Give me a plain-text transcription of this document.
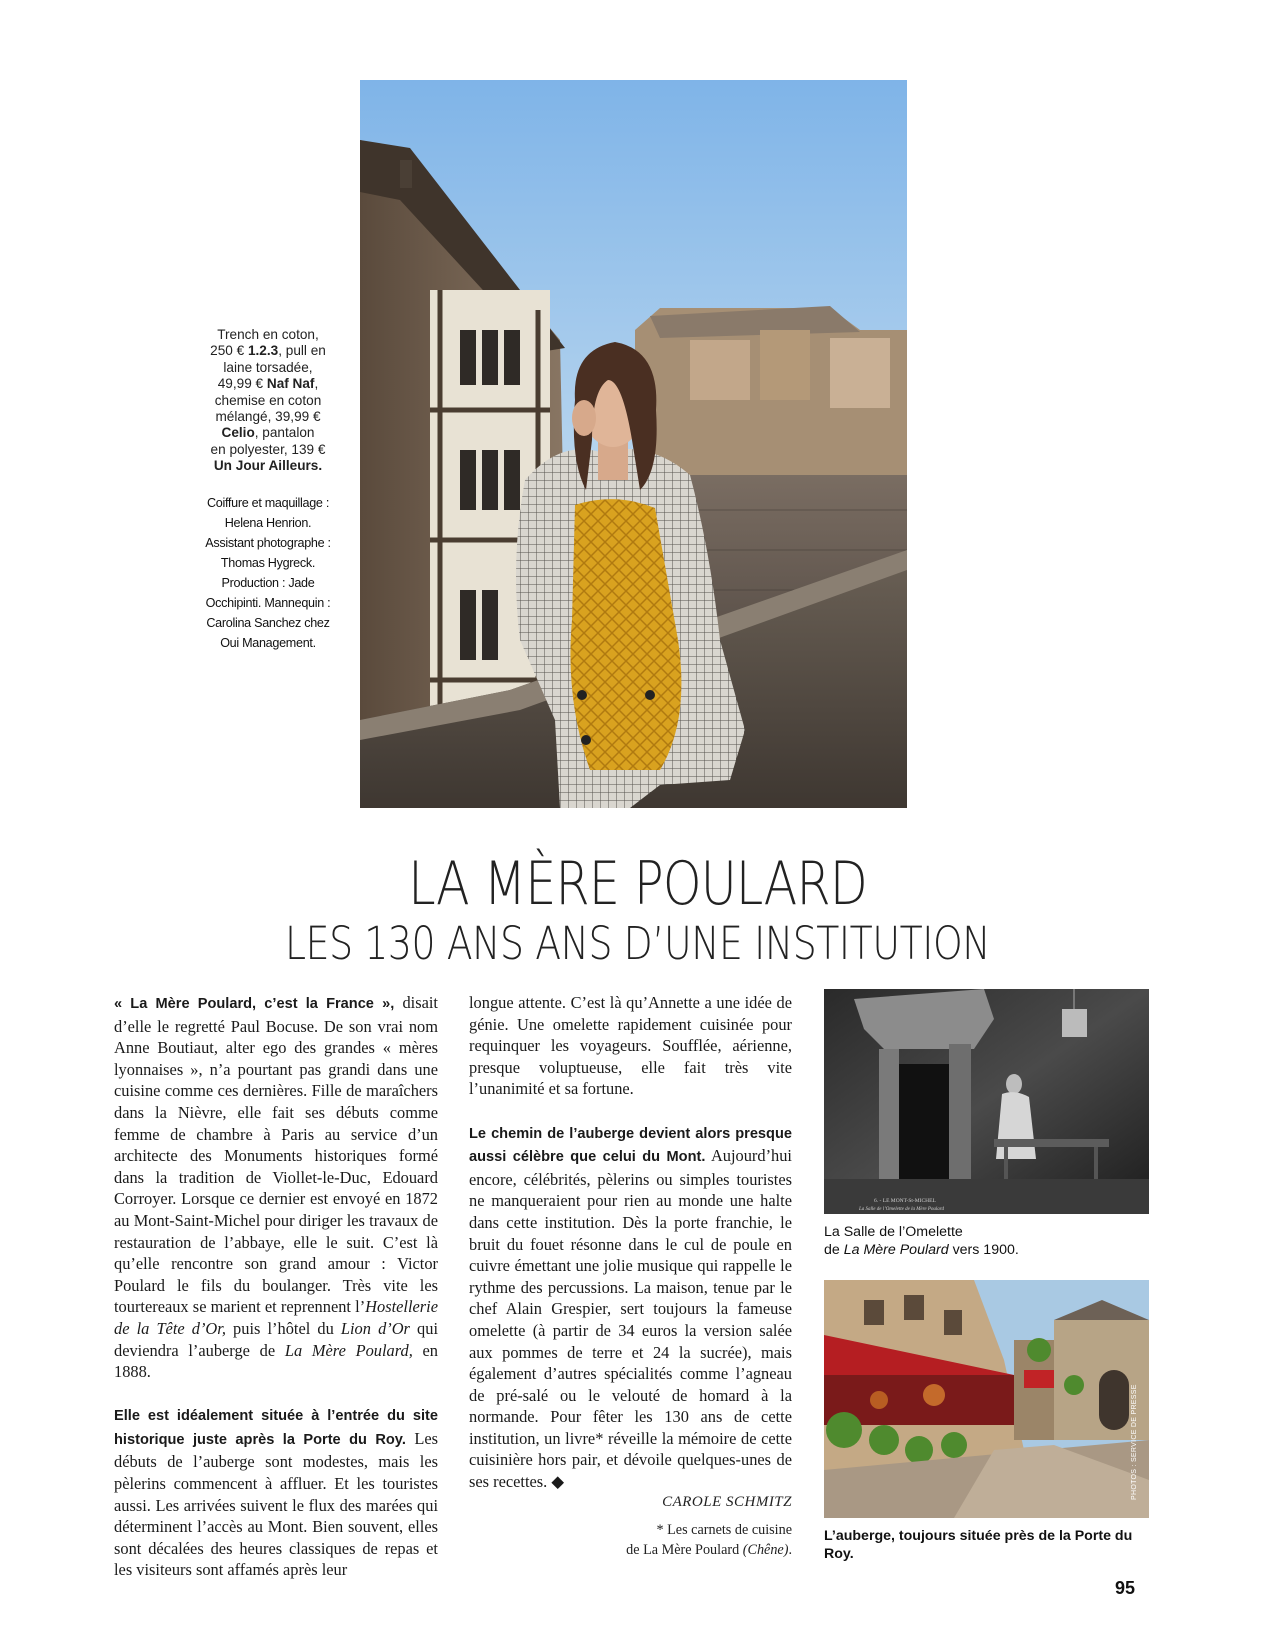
Trench en coton,
250 € 1.2.3, pull en
laine torsadée,
49,99 € Naf Naf,
chemise en coton
mélangé, 39,99 €
Celio, pantalon
en polyester, 139 €
Un Jour Ailleurs.
Coiffure et maquillage :
Helena Henrion.
Assistant photographe :
Thomas Hygreck.
Production : Jade
Occhipinti. Mannequin :
Carolina Sanchez chez
Oui Management.
LA MÈRE POULARD
LES 130 ANS ANS D’UNE INSTITUTION

« La Mère Poulard, c’est la France », disait d’elle le regretté Paul Bocuse. De son vrai nom Anne Boutiaut, alter ego des grandes « mères lyonnaises », n’a pourtant pas grandi dans une cuisine comme ces dernières. Fille de maraîchers dans la Nièvre, elle fait ses débuts comme femme de chambre à Paris au service d’un architecte des Monuments historiques formé dans la tradition de Viollet-le-Duc, Edouard Corroyer. Lorsque ce dernier est envoyé en 1872 au Mont-Saint-Michel pour diriger les travaux de restauration de l’abbaye, elle le suit. C’est là qu’elle rencontre son grand amour : Victor Poulard le fils du boulanger. Très vite les tourtereaux se marient et reprennent l’Hostellerie de la Tête d’Or, puis l’hôtel du Lion d’Or qui deviendra l’auberge de La Mère Poulard, en 1888.

Elle est idéalement située à l’entrée du site historique juste après la Porte du Roy. Les débuts de l’auberge sont modestes, mais les pèlerins commencent à affluer. Et les touristes aussi. Les arrivées suivent le flux des marées qui déterminent l’accès au Mont. Bien souvent, elles sont décalées des heures classiques de repas et les visiteurs sont affamés après leur

longue attente. C’est là qu’Annette a une idée de génie. Une omelette rapidement cuisinée pour requinquer les voyageurs. Soufflée, aérienne, presque voluptueuse, elle fait très vite l’unanimité et sa fortune.

Le chemin de l’auberge devient alors presque aussi célèbre que celui du Mont. Aujourd’hui encore, célébrités, pèlerins ou simples touristes ne manqueraient pour rien au monde une halte dans cette institution. Dès la porte franchie, le bruit du fouet résonne dans le cul de poule en cuivre émettant une jolie musique qui rappelle le rythme des percussions. La maison, tenue par le chef Alain Grespier, sert toujours la fameuse omelette (à partir de 34 euros la version salée aux pommes de terre et 24 la sucrée), mais également d’autres spécialités comme l’agneau de pré-salé ou le velouté de homard à la normande. Pour fêter les 130 ans de cette institution, un livre* réveille la mémoire de cette cuisinière hors pair, et dévoile quelques-unes de ses recettes. ◆

CAROLE SCHMITZ
* Les carnets de cuisine
de La Mère Poulard (Chêne).
6. - LE MONT-St-MICHEL
La Salle de l’Omelette de la Mère Poulard
La Salle de l’Omelette
de La Mère Poulard vers 1900.
L’auberge, toujours située près de la Porte du Roy.
PHOTOS : SERVICE DE PRESSE
95
